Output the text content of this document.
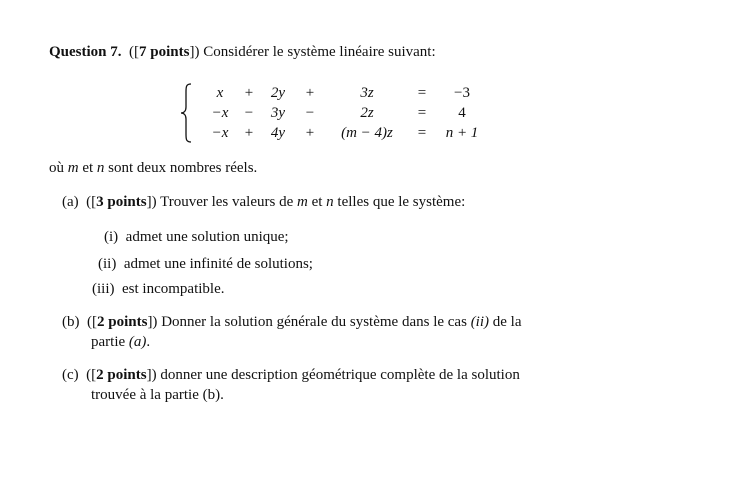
Question 7. ([7 points]) Considérer le système linéaire suivant:
x	+	2y	+	3z	=	−3
−x	−	3y	−	2z	=	4
−x	+	4y	+	(m − 4)z	=	n + 1
où m et n sont deux nombres réels.
(a) ([3 points]) Trouver les valeurs de m et n telles que le système:
(i) admet une solution unique;
(ii) admet une infinité de solutions;
(iii) est incompatible.
(b) ([2 points]) Donner la solution générale du système dans le cas (ii) de la
partie (a).
(c) ([2 points]) donner une description géométrique complète de la solution
trouvée à la partie (b).
